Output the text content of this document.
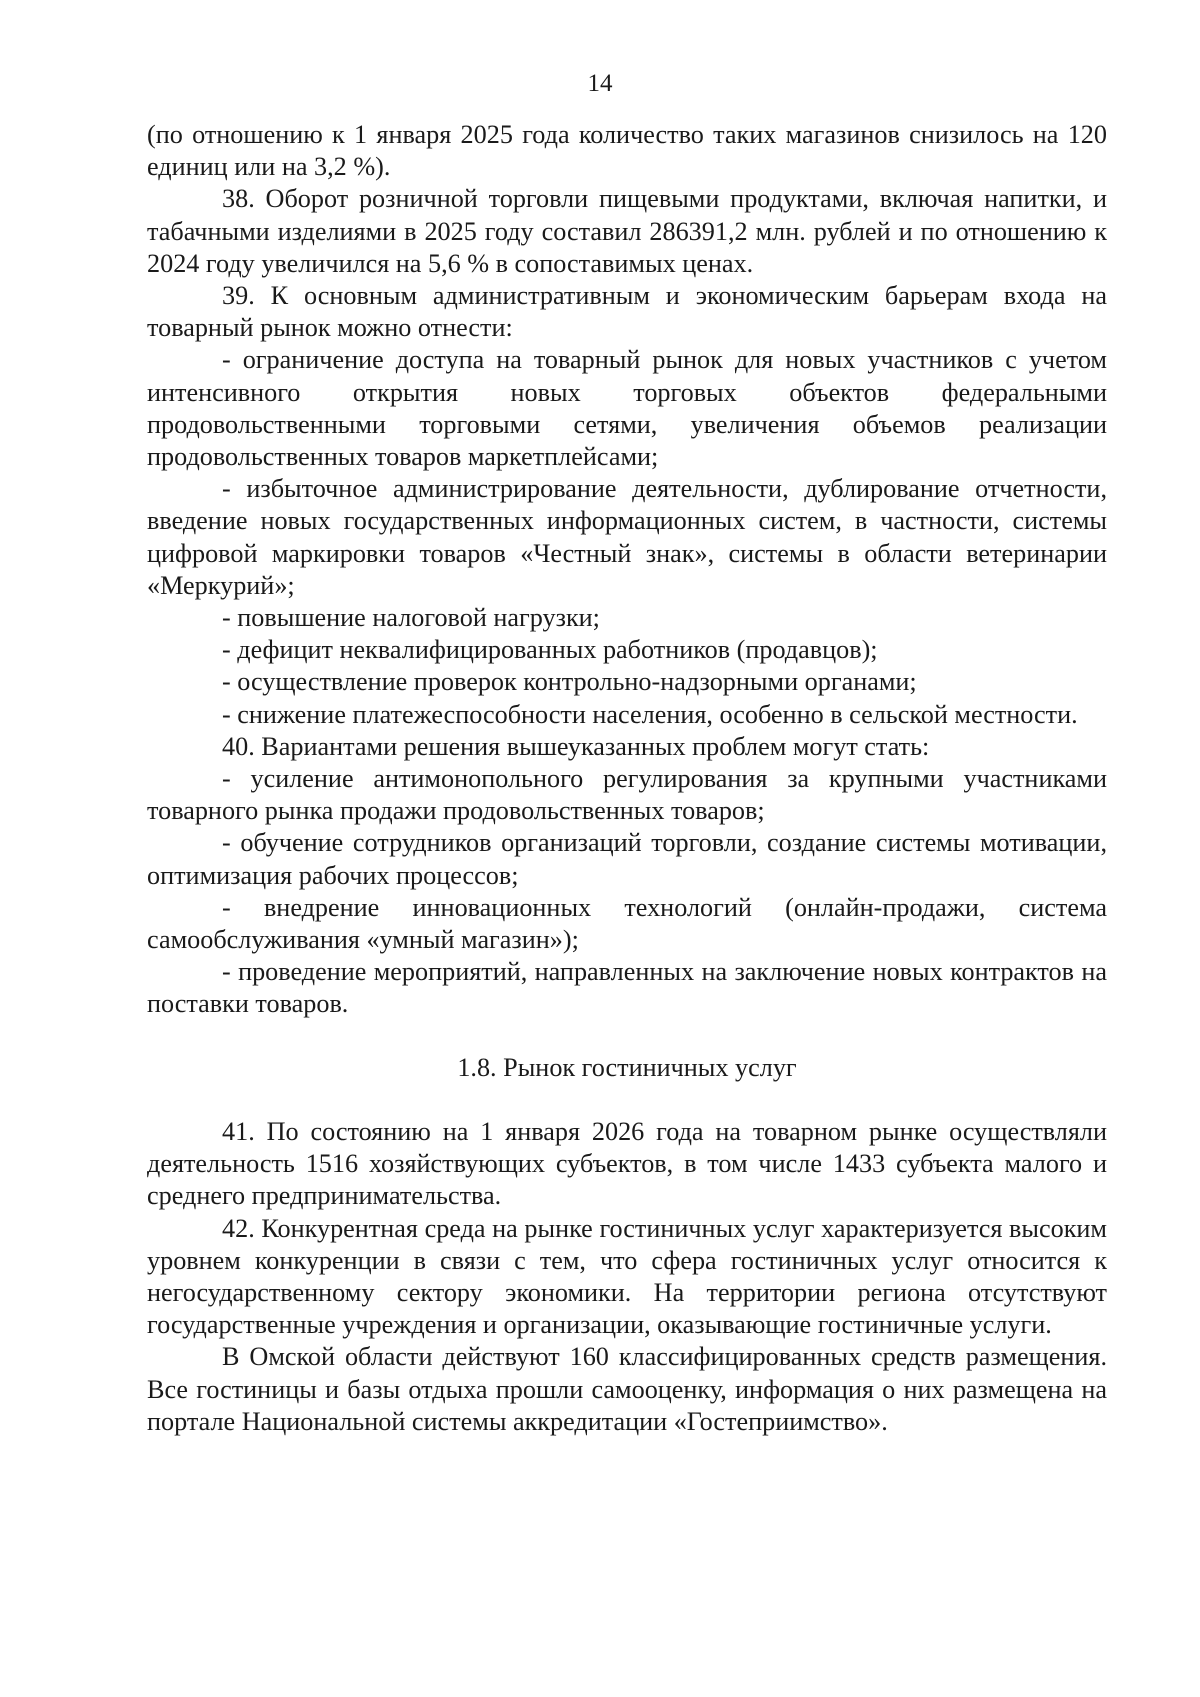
14

(по отношению к 1 января 2025 года количество таких магазинов снизилось на 120 единиц или на 3,2 %).

38. Оборот розничной торговли пищевыми продуктами, включая напитки, и табачными изделиями в 2025 году составил 286391,2 млн. рублей и по отношению к 2024 году увеличился на 5,6 % в сопоставимых ценах.

39. К основным административным и экономическим барьерам входа на товарный рынок можно отнести:

- ограничение доступа на товарный рынок для новых участников с учетом интенсивного открытия новых торговых объектов федеральными продовольственными торговыми сетями, увеличения объемов реализации продовольственных товаров маркетплейсами;

- избыточное администрирование деятельности, дублирование отчетности, введение новых государственных информационных систем, в частности, системы цифровой маркировки товаров «Честный знак», системы в области ветеринарии «Меркурий»;

- повышение налоговой нагрузки;

- дефицит неквалифицированных работников (продавцов);

- осуществление проверок контрольно-надзорными органами;

- снижение платежеспособности населения, особенно в сельской местности.

40. Вариантами решения вышеуказанных проблем могут стать:

- усиление антимонопольного регулирования за крупными участниками товарного рынка продажи продовольственных товаров;

- обучение сотрудников организаций торговли, создание системы мотивации, оптимизация рабочих процессов;

- внедрение инновационных технологий (онлайн-продажи, система самообслуживания «умный магазин»);

- проведение мероприятий, направленных на заключение новых контрактов на поставки товаров.

1.8. Рынок гостиничных услуг

41. По состоянию на 1 января 2026 года на товарном рынке осуществляли деятельность 1516 хозяйствующих субъектов, в том числе 1433 субъекта малого и среднего предпринимательства.

42. Конкурентная среда на рынке гостиничных услуг характеризуется высоким уровнем конкуренции в связи с тем, что сфера гостиничных услуг относится к негосударственному сектору экономики. На территории региона отсутствуют государственные учреждения и организации, оказывающие гостиничные услуги.

В Омской области действуют 160 классифицированных средств размещения. Все гостиницы и базы отдыха прошли самооценку, информация о них размещена на портале Национальной системы аккредитации «Гостеприимство».
